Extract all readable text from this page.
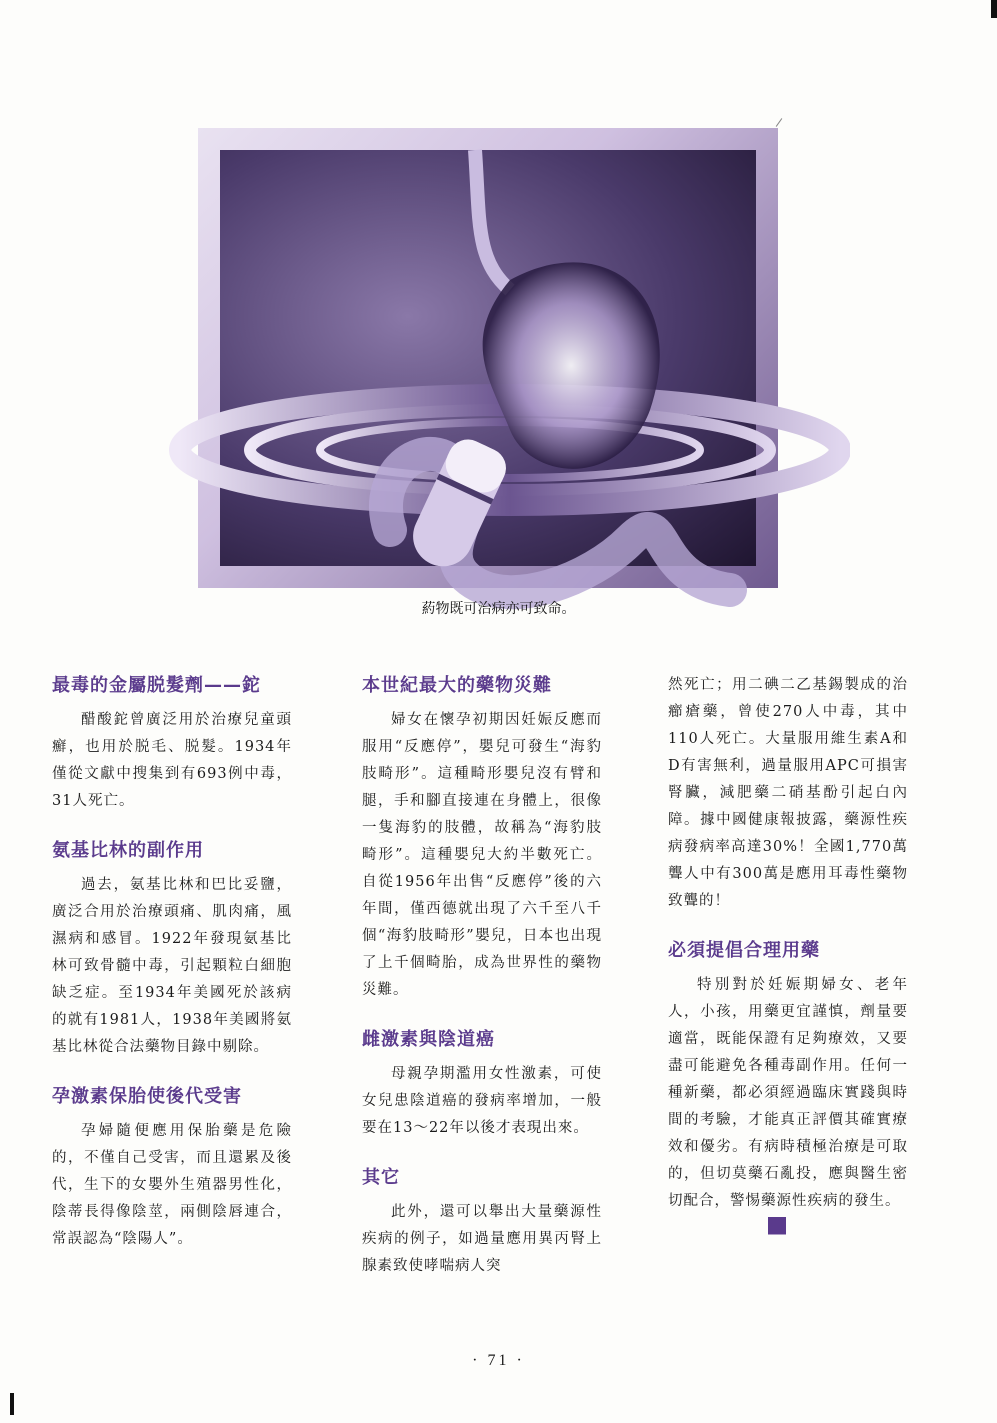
葯物既可治病亦可致命。
最毒的金屬脱髮劑——鉈

醋酸鉈曾廣泛用於治療兒童頭癬，也用於脱毛、脱髮。1934年僅從文獻中搜集到有693例中毒，31人死亡。

氨基比林的副作用

過去，氨基比林和巴比妥鹽，廣泛合用於治療頭痛、肌肉痛，風濕病和感冒。1922年發現氨基比林可致骨髓中毒，引起顆粒白細胞缺乏症。至1934年美國死於該病的就有1981人，1938年美國將氨基比林從合法藥物目錄中剔除。

孕激素保胎使後代受害

孕婦隨便應用保胎藥是危險的，不僅自己受害，而且還累及後代，生下的女嬰外生殖器男性化，陰蒂長得像陰莖，兩側陰唇連合，常誤認為“陰陽人”。

本世紀最大的藥物災難

婦女在懷孕初期因妊娠反應而服用“反應停”，嬰兒可發生“海豹肢畸形”。這種畸形嬰兒沒有臂和腿，手和腳直接連在身體上，很像一隻海豹的肢體，故稱為“海豹肢畸形”。這種嬰兒大約半數死亡。自從1956年出售“反應停”後的六年間，僅西德就出現了六千至八千個“海豹肢畸形”嬰兒，日本也出現了上千個畸胎，成為世界性的藥物災難。

雌激素與陰道癌

母親孕期濫用女性激素，可使女兒患陰道癌的發病率增加，一般要在13～22年以後才表現出來。

其它

此外，還可以舉出大量藥源性疾病的例子，如過量應用異丙腎上腺素致使哮喘病人突

然死亡；用二碘二乙基錫製成的治癤瘡藥，曾使270人中毒，其中110人死亡。大量服用維生素A和D有害無利，過量服用APC可損害腎臟，減肥藥二硝基酚引起白內障。據中國健康報披露，藥源性疾病發病率高達30%！全國1,770萬聾人中有300萬是應用耳毒性藥物致聾的！

必須提倡合理用藥

特別對於妊娠期婦女、老年人，小孩，用藥更宜謹慎，劑量要適當，既能保證有足夠療效，又要盡可能避免各種毒副作用。任何一種新藥，都必須經過臨床實踐與時間的考驗，才能真正評價其確實療效和優劣。有病時積極治療是可取的，但切莫藥石亂投，應與醫生密切配合，警惕藥源性疾病的發生。

· 71 ·
